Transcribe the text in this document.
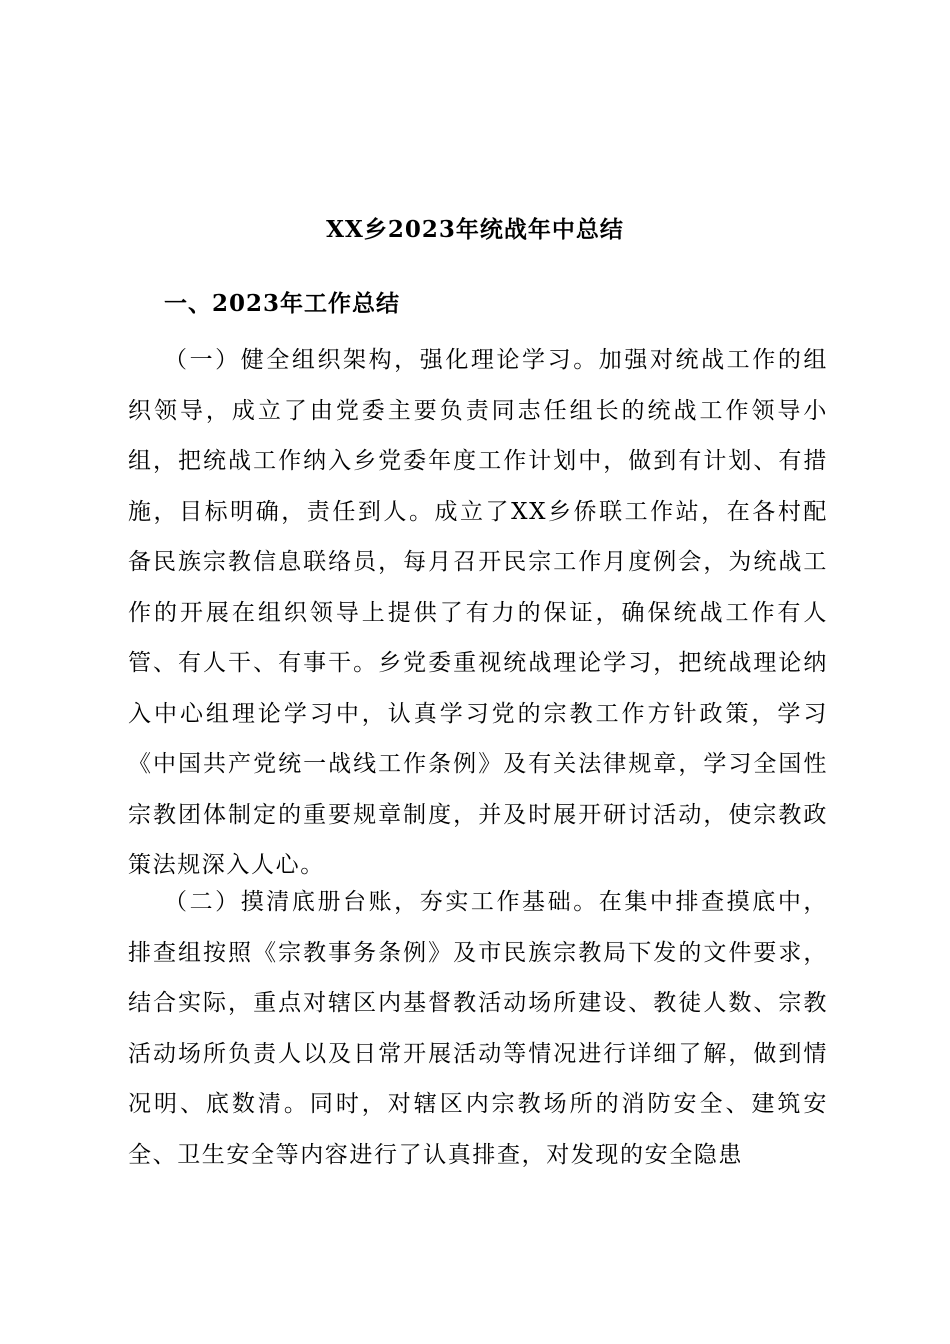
XX乡2023年统战年中总结
一、2023年工作总结
（一）健全组织架构，强化理论学习。加强对统战工作的组织领导，成立了由党委主要负责同志任组长的统战工作领导小组，把统战工作纳入乡党委年度工作计划中，做到有计划、有措施，目标明确，责任到人。成立了XX乡侨联工作站，在各村配备民族宗教信息联络员，每月召开民宗工作月度例会，为统战工作的开展在组织领导上提供了有力的保证，确保统战工作有人管、有人干、有事干。乡党委重视统战理论学习，把统战理论纳入中心组理论学习中，认真学习党的宗教工作方针政策，学习《中国共产党统一战线工作条例》及有关法律规章，学习全国性宗教团体制定的重要规章制度，并及时展开研讨活动，使宗教政策法规深入人心。
（二）摸清底册台账，夯实工作基础。在集中排查摸底中，排查组按照《宗教事务条例》及市民族宗教局下发的文件要求，结合实际，重点对辖区内基督教活动场所建设、教徒人数、宗教活动场所负责人以及日常开展活动等情况进行详细了解，做到情况明、底数清。同时，对辖区内宗教场所的消防安全、建筑安全、卫生安全等内容进行了认真排查，对发现的安全隐患
